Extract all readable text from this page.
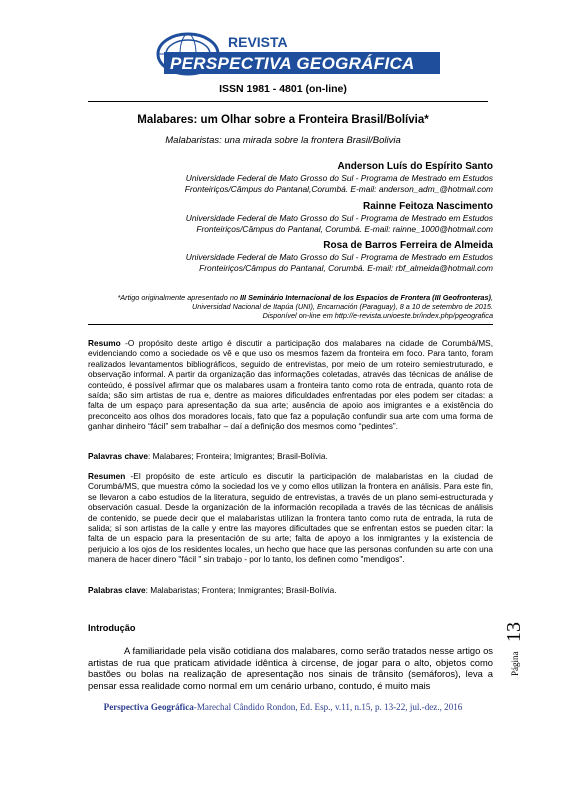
REVISTA
PERSPECTIVA GEOGRÁFICA
ISSN 1981 - 4801 (on-line)
Malabares: um Olhar sobre a Fronteira Brasil/Bolívia*
Malabaristas: una mirada sobre la frontera Brasil/Bolivia
Anderson Luís do Espírito Santo
Universidade Federal de Mato Grosso do Sul - Programa de Mestrado em Estudos
Fronteiriços/Câmpus do Pantanal,Corumbá. E-mail: anderson_adm_@hotmail.com
Rainne Feitoza Nascimento
Universidade Federal de Mato Grosso do Sul - Programa de Mestrado em Estudos
Fronteiriços/Câmpus do Pantanal, Corumbá. E-mail: rainne_1000@hotmail.com
Rosa de Barros Ferreira de Almeida
Universidade Federal de Mato Grosso do Sul - Programa de Mestrado em Estudos
Fronteiriços/Câmpus do Pantanal, Corumbá. E-mail: rbf_almeida@hotmail.com
*Artigo originalmente apresentado no III Seminário Internacional de los Espacios de Frontera (III Geofronteras), Universidad Nacional de Itapúa (UNI), Encarnación (Paraguay), 8 a 10 de setembro de 2015.
Disponível on-line em http://e-revista.unioeste.br/index.php/pgeografica
Resumo -O propósito deste artigo é discutir a participação dos malabares na cidade de Corumbá/MS, evidenciando como a sociedade os vê e que uso os mesmos fazem da fronteira em foco. Para tanto, foram realizados levantamentos bibliográficos, seguido de entrevistas, por meio de um roteiro semiestruturado, e observação informal. A partir da organização das informações coletadas, através das técnicas de análise de conteúdo, é possível afirmar que os malabares usam a fronteira tanto como rota de entrada, quanto rota de saída; são sim artistas de rua e, dentre as maiores dificuldades enfrentadas por eles podem ser citadas: a falta de um espaço para apresentação da sua arte; ausência de apoio aos imigrantes e a existência do preconceito aos olhos dos moradores locais, fato que faz a população confundir sua arte com uma forma de ganhar dinheiro “fácil” sem trabalhar – daí a definição dos mesmos como “pedintes”.
Palavras chave: Malabares; Fronteira; Imigrantes; Brasil-Bolívia.
Resumen -El propósito de este artículo es discutir la participación de malabaristas en la ciudad de Corumbá/MS, que muestra cómo la sociedad los ve y como ellos utilizan la frontera en análisis. Para este fin, se llevaron a cabo estudios de la literatura, seguido de entrevistas, a través de un plano semi-estructurada y observación casual. Desde la organización de la información recopilada a través de las técnicas de análisis de contenido, se puede decir que el malabaristas utilizan la frontera tanto como ruta de entrada, la ruta de salida; sí son artistas de la calle y entre las mayores dificultades que se enfrentan estos se pueden citar: la falta de un espacio para la presentación de su arte; falta de apoyo a los inmigrantes y la existencia de perjuicio a los ojos de los residentes locales, un hecho que hace que las personas confunden su arte con una manera de hacer dinero "fácil " sin trabajo - por lo tanto, los definen como "mendigos".
Palabras clave: Malabaristas; Frontera; Inmigrantes; Brasil-Bolívia.
Introdução
A familiaridade pela visão cotidiana dos malabares, como serão tratados nesse artigo os artistas de rua que praticam atividade idêntica à circense, de jogar para o alto, objetos como bastões ou bolas na realização de apresentação nos sinais de trânsito (semáforos), leva a pensar essa realidade como normal em um cenário urbano, contudo, é muito mais
Página
13
Perspectiva Geográfica-Marechal Cândido Rondon, Ed. Esp., v.11, n.15, p. 13-22, jul.-dez., 2016
